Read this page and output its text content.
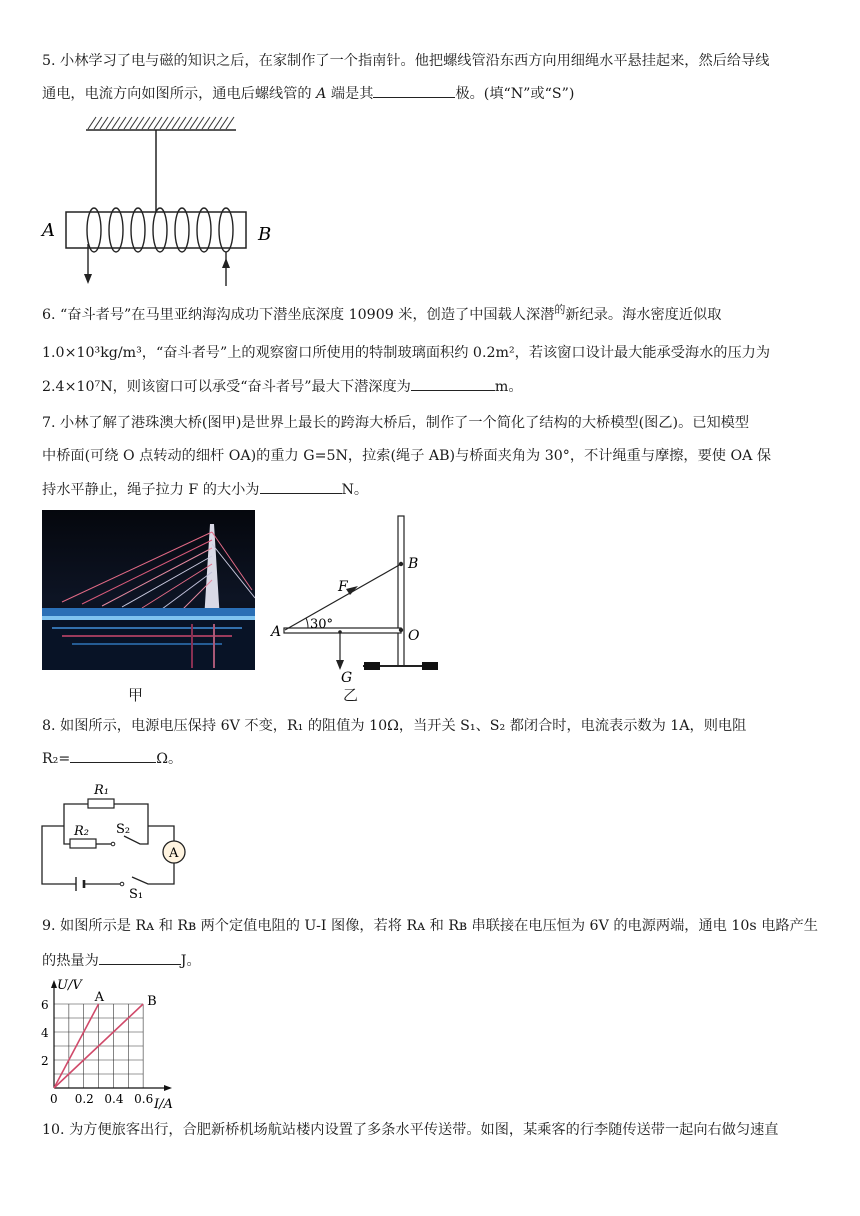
5. 小林学习了电与磁的知识之后，在家制作了一个指南针。他把螺线管沿东西方向用细绳水平悬挂起来，然后给导线
通电，电流方向如图所示，通电后螺线管的 A 端是其	极。(填“N”或“S”)
A	B
6. “奋斗者号”在马里亚纳海沟成功下潜坐底深度 10909 米，创造了中国载人深潜$^的$新纪录。海水密度近似取
1.0×10³kg/m³，“奋斗者号”上的观察窗口所使用的特制玻璃面积约 0.2m²，若该窗口设计最大能承受海水的压力为
2.4×10⁷N，则该窗口可以承受“奋斗者号”最大下潜深度为	m。
7. 小林了解了港珠澳大桥(图甲)是世界上最长的跨海大桥后，制作了一个简化了结构的大桥模型(图乙)。已知模型
中桥面(可绕 O 点转动的细杆 OA)的重力 G=5N，拉索(绳子 AB)与桥面夹角为 30°，不计绳重与摩擦，要使 OA 保
持水平静止，绳子拉力 F 的大小为	N。
甲
30°
F
B
A	O
G
乙
8. 如图所示，电源电压保持 6V 不变，R₁ 的阻值为 10Ω，当开关 S₁、S₂ 都闭合时，电流表示数为 1A，则电阻
R₂=	Ω。
A
R₁
R₂ S₂
S₁
9. 如图所示是 Rᴀ 和 Rʙ 两个定值电阻的 U-I 图像，若将 Rᴀ 和 Rʙ 串联接在电压恒为 6V 的电源两端，通电 10s 电路产生
的热量为	J。
A	B
0 0.2 0.4 0.6
2
4
6
U/V
I/A
10. 为方便旅客出行，合肥新桥机场航站楼内设置了多条水平传送带。如图，某乘客的行李随传送带一起向右做匀速直
